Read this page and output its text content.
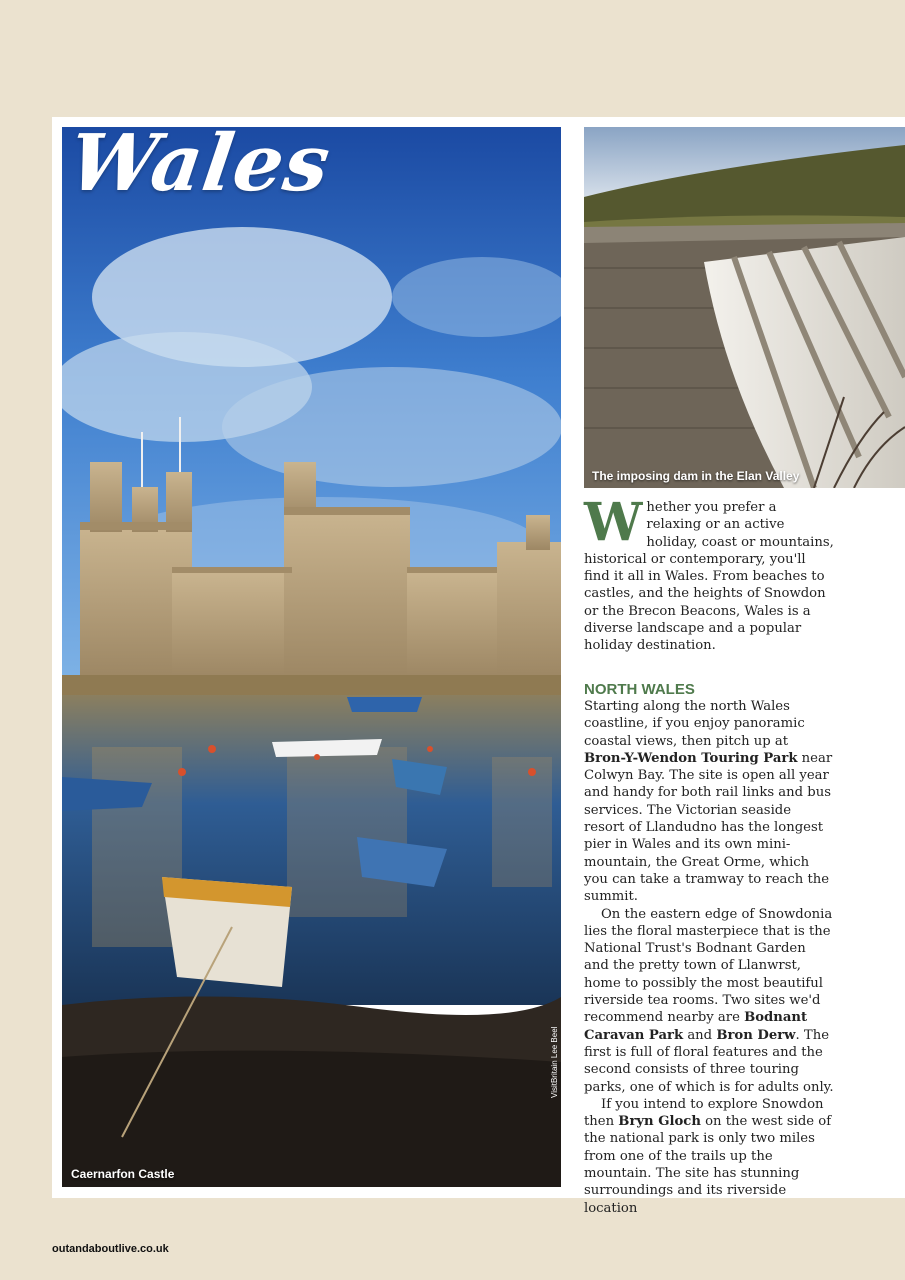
Wales
Caernarfon Castle
VisitBritain Lee Beel
The imposing dam in the Elan Valley

Whether you prefer a relaxing or an active holiday, coast or mountains, historical or contemporary, you'll find it all in Wales. From beaches to castles, and the heights of Snowdon or the Brecon Beacons, Wales is a diverse landscape and a popular holiday destination.

NORTH WALES

Starting along the north Wales coastline, if you enjoy panoramic coastal views, then pitch up at Bron-Y-Wendon Touring Park near Colwyn Bay. The site is open all year and handy for both rail links and bus services. The Victorian seaside resort of Llandudno has the longest pier in Wales and its own mini-mountain, the Great Orme, which you can take a tramway to reach the summit.

On the eastern edge of Snowdonia lies the floral masterpiece that is the National Trust's Bodnant Garden and the pretty town of Llanwrst, home to possibly the most beautiful riverside tea rooms. Two sites we'd recommend nearby are Bodnant Caravan Park and Bron Derw. The first is full of floral features and the second consists of three touring parks, one of which is for adults only.

If you intend to explore Snowdon then Bryn Gloch on the west side of the national park is only two miles from one of the trails up the mountain. The site has stunning surroundings and its riverside location

outandaboutlive.co.uk
